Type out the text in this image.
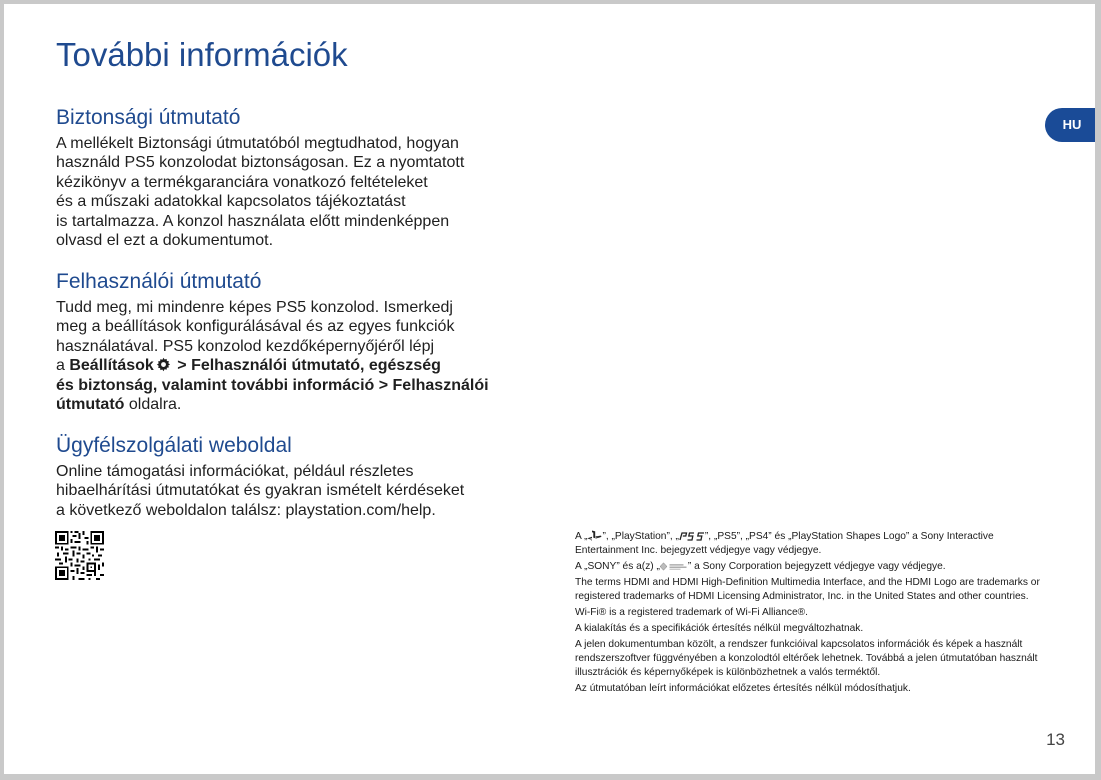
További információk
HU
Biztonsági útmutató
A mellékelt Biztonsági útmutatóból megtudhatod, hogyan
használd PS5 konzolodat biztonságosan. Ez a nyomtatott
kézikönyv a termékgaranciára vonatkozó feltételeket
és a műszaki adatokkal kapcsolatos tájékoztatást
is tartalmazza. A konzol használata előtt mindenképpen
olvasd el ezt a dokumentumot.
Felhasználói útmutató
Tudd meg, mi mindenre képes PS5 konzolod. Ismerkedj
meg a beállítások konfigurálásával és az egyes funkciók
használatával. PS5 konzolod kezdőképernyőjéről lépj
a Beállítások > Felhasználói útmutató, egészség
és biztonság, valamint további információ > Felhasználói
útmutató oldalra.
Ügyfélszolgálati weboldal
Online támogatási információkat, például részletes
hibaelhárítási útmutatókat és gyakran ismételt kérdéseket
a következő weboldalon találsz: playstation.com/help.

A „ ”, „PlayStation”, „	”, „PS5”, „PS4” és „PlayStation Shapes Logo” a Sony Interactive Entertainment Inc. bejegyzett védjegye vagy védjegye.

A „SONY” és a(z) „	” a Sony Corporation bejegyzett védjegye vagy védjegye.

The terms HDMI and HDMI High-Definition Multimedia Interface, and the HDMI Logo are trademarks or registered trademarks of HDMI Licensing Administrator, Inc. in the United States and other countries.

Wi-Fi® is a registered trademark of Wi-Fi Alliance®.

A kialakítás és a specifikációk értesítés nélkül megváltozhatnak.

A jelen dokumentumban közölt, a rendszer funkcióival kapcsolatos információk és képek a használt rendszerszoftver függvényében a konzolodtól eltérőek lehetnek. Továbbá a jelen útmutatóban használt illusztrációk és képernyőképek is különbözhetnek a valós terméktől.

Az útmutatóban leírt információkat előzetes értesítés nélkül módosíthatjuk.

13
